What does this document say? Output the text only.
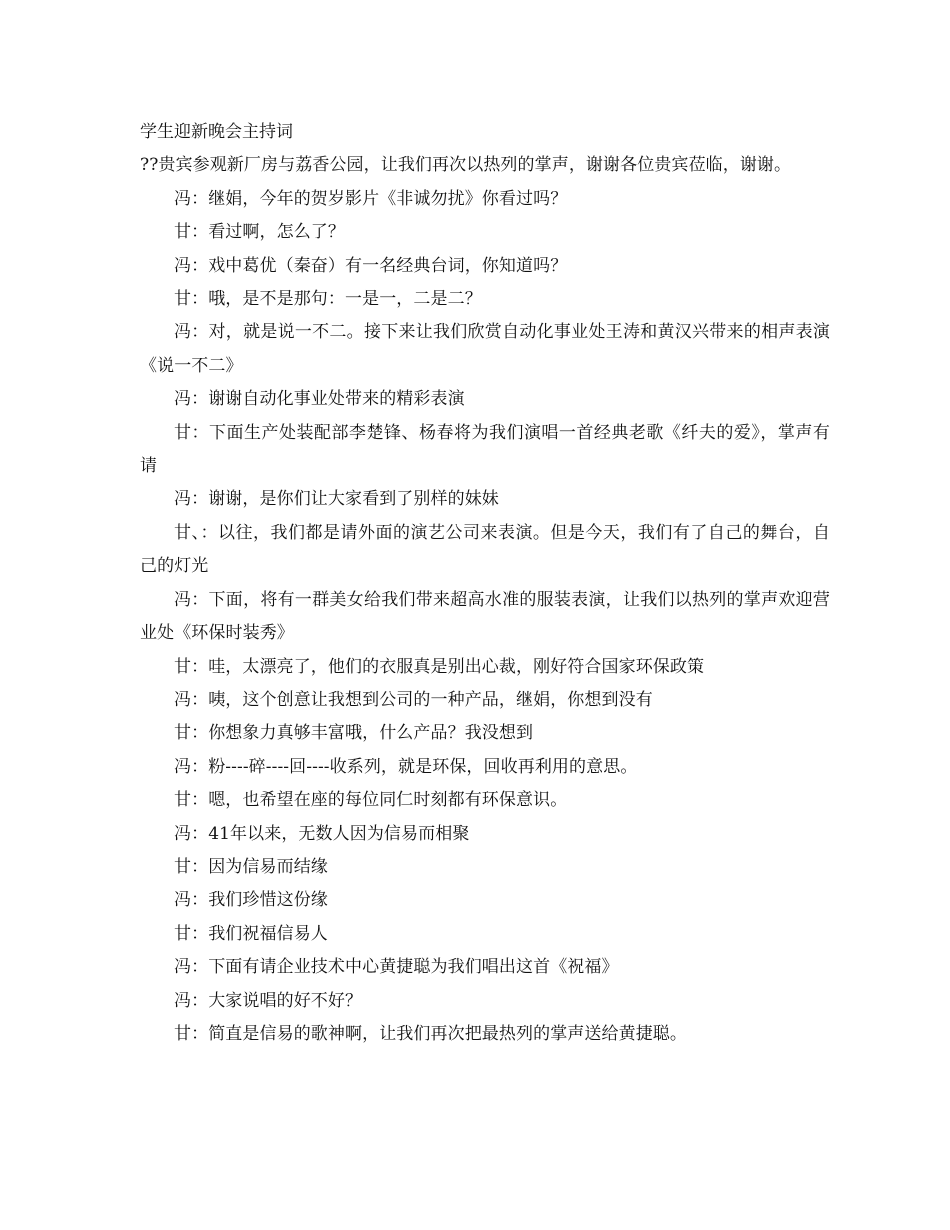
学生迎新晚会主持词

??贵宾参观新厂房与荔香公园，让我们再次以热列的掌声，谢谢各位贵宾莅临，谢谢。

冯：继娟，今年的贺岁影片《非诚勿扰》你看过吗？

甘：看过啊，怎么了？

冯：戏中葛优（秦奋）有一名经典台词，你知道吗？

甘：哦，是不是那句：一是一，二是二？

冯：对，就是说一不二。接下来让我们欣赏自动化事业处王涛和黄汉兴带来的相声表演《说一不二》

冯：谢谢自动化事业处带来的精彩表演

甘：下面生产处装配部李楚锋、杨春将为我们演唱一首经典老歌《纤夫的爱》，掌声有请

冯：谢谢，是你们让大家看到了别样的妹妹

甘、：以往，我们都是请外面的演艺公司来表演。但是今天，我们有了自己的舞台，自己的灯光

冯：下面，将有一群美女给我们带来超高水准的服装表演，让我们以热列的掌声欢迎营业处《环保时装秀》

甘：哇，太漂亮了，他们的衣服真是别出心裁，刚好符合国家环保政策

冯：咦，这个创意让我想到公司的一种产品，继娟，你想到没有

甘：你想象力真够丰富哦，什么产品？我没想到

冯：粉----碎----回----收系列，就是环保，回收再利用的意思。

甘：嗯，也希望在座的每位同仁时刻都有环保意识。

冯：41年以来，无数人因为信易而相聚

甘：因为信易而结缘

冯：我们珍惜这份缘

甘：我们祝福信易人

冯：下面有请企业技术中心黄捷聪为我们唱出这首《祝福》

冯：大家说唱的好不好？

甘：简直是信易的歌神啊，让我们再次把最热列的掌声送给黄捷聪。
